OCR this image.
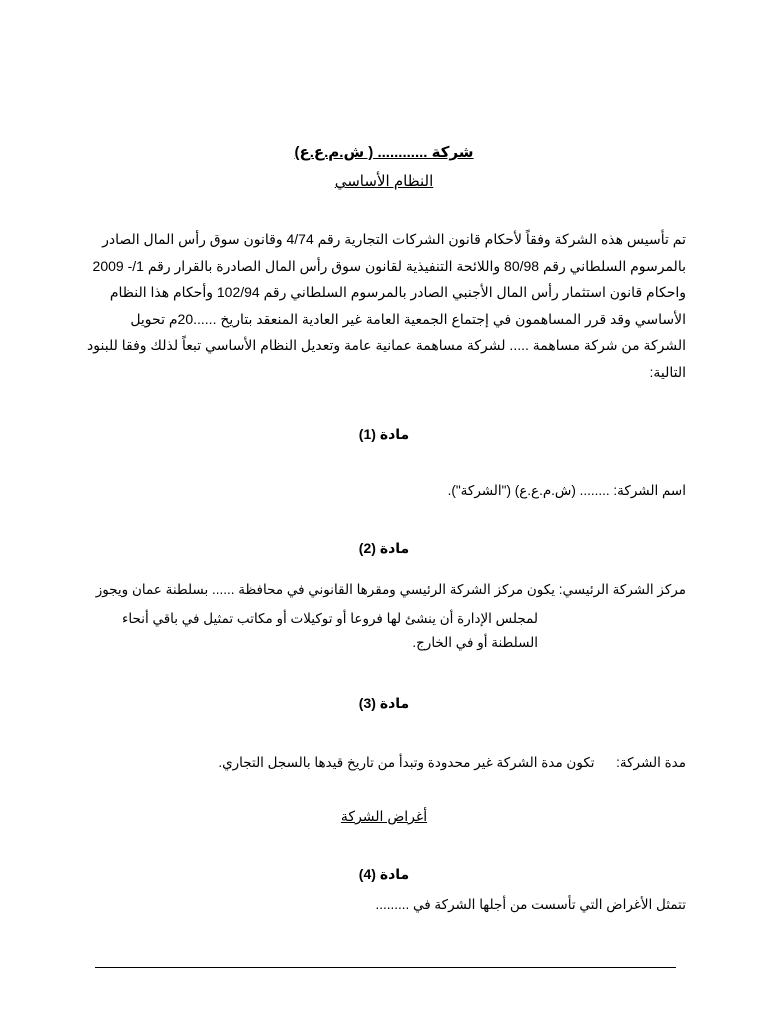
شركة ............ ( ش.م.ع.ع)
النظام الأساسي
تم تأسيس هذه الشركة وفقاً لأحكام قانون الشركات التجارية رقم 4/74 وقانون سوق رأس المال الصادر
بالمرسوم السلطاني رقم 80/98 واللائحة التنفيذية لقانون سوق رأس المال الصادرة بالقرار رقم 1/- 2009
واحكام قانون استثمار رأس المال الأجنبي الصادر بالمرسوم السلطاني رقم 102/94 وأحكام هذا النظام
الأساسي وقد قرر المساهمون في إجتماع الجمعية العامة غير العادية المنعقد بتاريخ ......20م تحويل
الشركة من شركة مساهمة ..... لشركة مساهمة عمانية عامة وتعديل النظام الأساسي تبعاً لذلك وفقا للبنود
التالية:
مادة (1)
اسم الشركة: ........ (ش.م.ع.ع) ("الشركة").
مادة (2)
مركز الشركة الرئيسي: يكون مركز الشركة الرئيسي ومقرها القانوني في محافظة ...... بسلطنة عمان ويجوز
لمجلس الإدارة أن ينشئ لها فروعا أو توكيلات أو مكاتب تمثيل في باقي أنحاء
السلطنة أو في الخارج.
مادة (3)
مدة الشركة:  تكون مدة الشركة غير محدودة وتبدأ من تاريخ قيدها بالسجل التجاري.
أغراض الشركة
مادة (4)
تتمثل الأغراض التي تأسست من أجلها الشركة في .........
